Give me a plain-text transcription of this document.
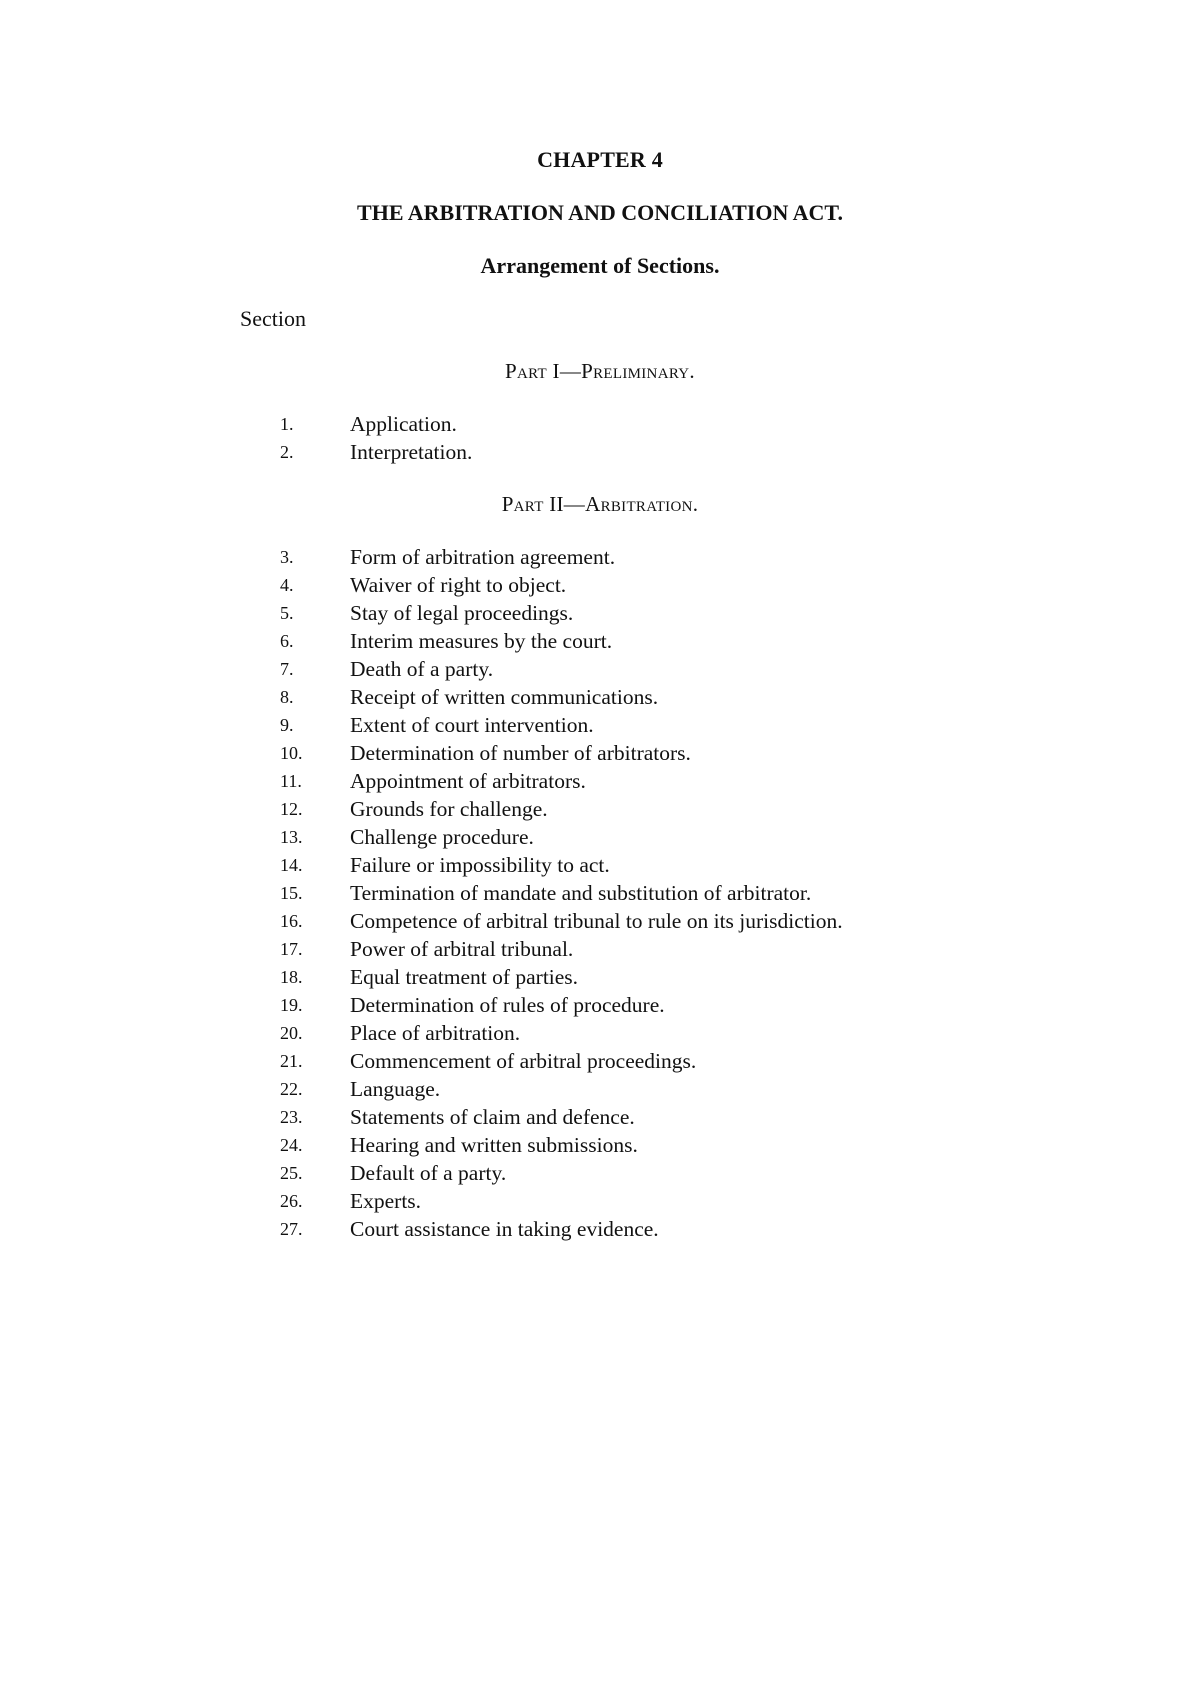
CHAPTER 4
THE ARBITRATION AND CONCILIATION ACT.
Arrangement of Sections.
Section
Part I—Preliminary.
1.	Application.
2.	Interpretation.
Part II—Arbitration.
3.	Form of arbitration agreement.
4.	Waiver of right to object.
5.	Stay of legal proceedings.
6.	Interim measures by the court.
7.	Death of a party.
8.	Receipt of written communications.
9.	Extent of court intervention.
10.	Determination of number of arbitrators.
11.	Appointment of arbitrators.
12.	Grounds for challenge.
13.	Challenge procedure.
14.	Failure or impossibility to act.
15.	Termination of mandate and substitution of arbitrator.
16.	Competence of arbitral tribunal to rule on its jurisdiction.
17.	Power of arbitral tribunal.
18.	Equal treatment of parties.
19.	Determination of rules of procedure.
20.	Place of arbitration.
21.	Commencement of arbitral proceedings.
22.	Language.
23.	Statements of claim and defence.
24.	Hearing and written submissions.
25.	Default of a party.
26.	Experts.
27.	Court assistance in taking evidence.
